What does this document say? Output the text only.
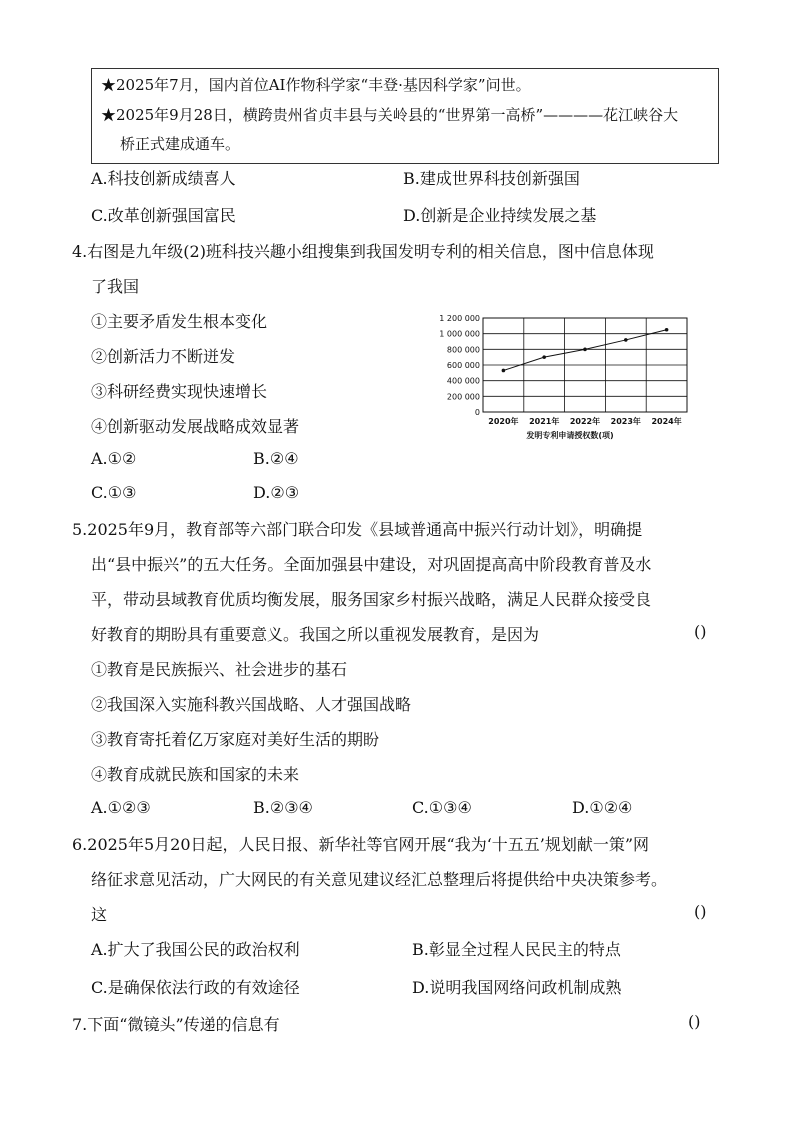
★2025年7月，国内首位AI作物科学家“丰登·基因科学家”问世。
★2025年9月28日，横跨贵州省贞丰县与关岭县的“世界第一高桥”————花江峡谷大
桥正式建成通车。
A.科技创新成绩喜人	B.建成世界科技创新强国
C.改革创新强国富民	D.创新是企业持续发展之基
4.右图是九年级(2)班科技兴趣小组搜集到我国发明专利的相关信息，图中信息体现
了我国
①主要矛盾发生根本变化
②创新活力不断迸发
③科研经费实现快速增长
④创新驱动发展战略成效显著
A.①②	B.②④
C.①③	D.②③
0
200 000
400 000
600 000
800 000
1 000 000
1 200 000
2020年 2021年 2022年 2023年 2024年
发明专利申请授权数(项)
5.2025年9月，教育部等六部门联合印发《县域普通高中振兴行动计划》，明确提
出“县中振兴”的五大任务。全面加强县中建设，对巩固提高高中阶段教育普及水
平，带动县域教育优质均衡发展，服务国家乡村振兴战略，满足人民群众接受良
好教育的期盼具有重要意义。我国之所以重视发展教育，是因为	()
①教育是民族振兴、社会进步的基石
②我国深入实施科教兴国战略、人才强国战略
③教育寄托着亿万家庭对美好生活的期盼
④教育成就民族和国家的未来
A.①②③	B.②③④	C.①③④	D.①②④
6.2025年5月20日起，人民日报、新华社等官网开展“我为‘十五五’规划献一策”网
络征求意见活动，广大网民的有关意见建议经汇总整理后将提供给中央决策参考。
这	()
A.扩大了我国公民的政治权利	B.彰显全过程人民民主的特点
C.是确保依法行政的有效途径	D.说明我国网络问政机制成熟
7.下面“微镜头”传递的信息有	()
